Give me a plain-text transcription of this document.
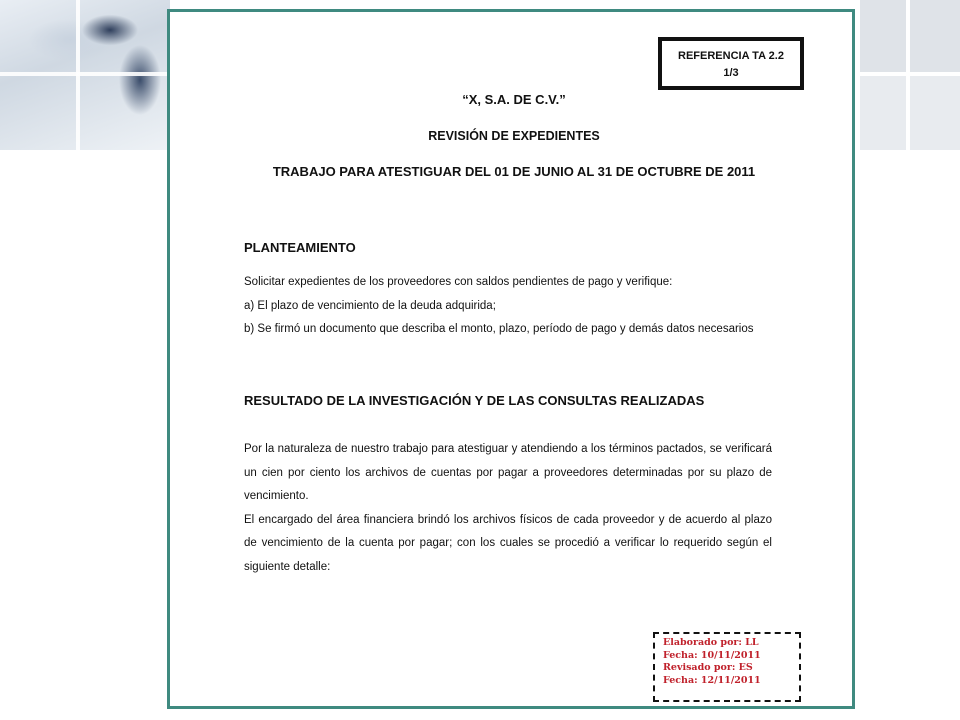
REFERENCIA TA 2.2
1/3
“X, S.A. DE C.V.”
REVISIÓN DE EXPEDIENTES
TRABAJO PARA ATESTIGUAR DEL 01 DE JUNIO AL 31 DE OCTUBRE DE 2011
PLANTEAMIENTO

Solicitar expedientes de los proveedores con saldos pendientes de pago y verifique:

a) El plazo de vencimiento de la deuda adquirida;

b) Se firmó un documento que describa el monto, plazo, período de pago y demás datos necesarios

RESULTADO DE LA INVESTIGACIÓN Y DE LAS CONSULTAS REALIZADAS

Por la naturaleza de nuestro trabajo para atestiguar y atendiendo a los términos pactados, se verificará un cien por ciento los archivos de cuentas por pagar a proveedores determinadas por su plazo de vencimiento.

El encargado del área financiera brindó los archivos físicos de cada proveedor y de acuerdo al plazo de vencimiento de la cuenta por pagar; con los cuales se procedió a verificar lo requerido según el siguiente detalle:

Elaborado por: LL
Fecha: 10/11/2011
Revisado por: ES
Fecha: 12/11/2011
